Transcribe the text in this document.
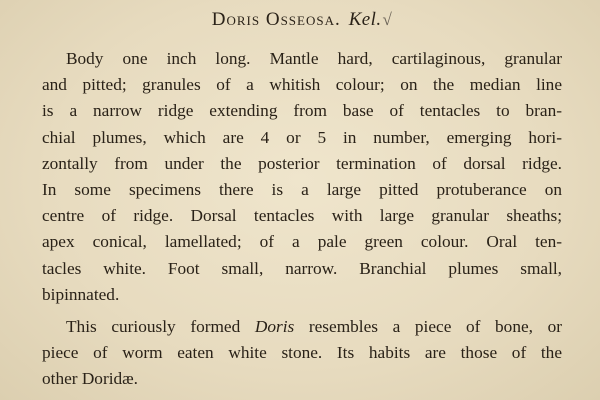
Doris Osseosa. Kel.√

Body one inch long. Mantle hard, cartilaginous, granular
and pitted; granules of a whitish colour; on the median line
is a narrow ridge extending from base of tentacles to bran-
chial plumes, which are 4 or 5 in number, emerging hori-
zontally from under the posterior termination of dorsal ridge.
In some specimens there is a large pitted protuberance on
centre of ridge. Dorsal tentacles with large granular sheaths;
apex conical, lamellated; of a pale green colour. Oral ten-
tacles white. Foot small, narrow. Branchial plumes small,
bipinnated.

This curiously formed Doris resembles a piece of bone, or
piece of worm eaten white stone. Its habits are those of the
other Doridæ.
